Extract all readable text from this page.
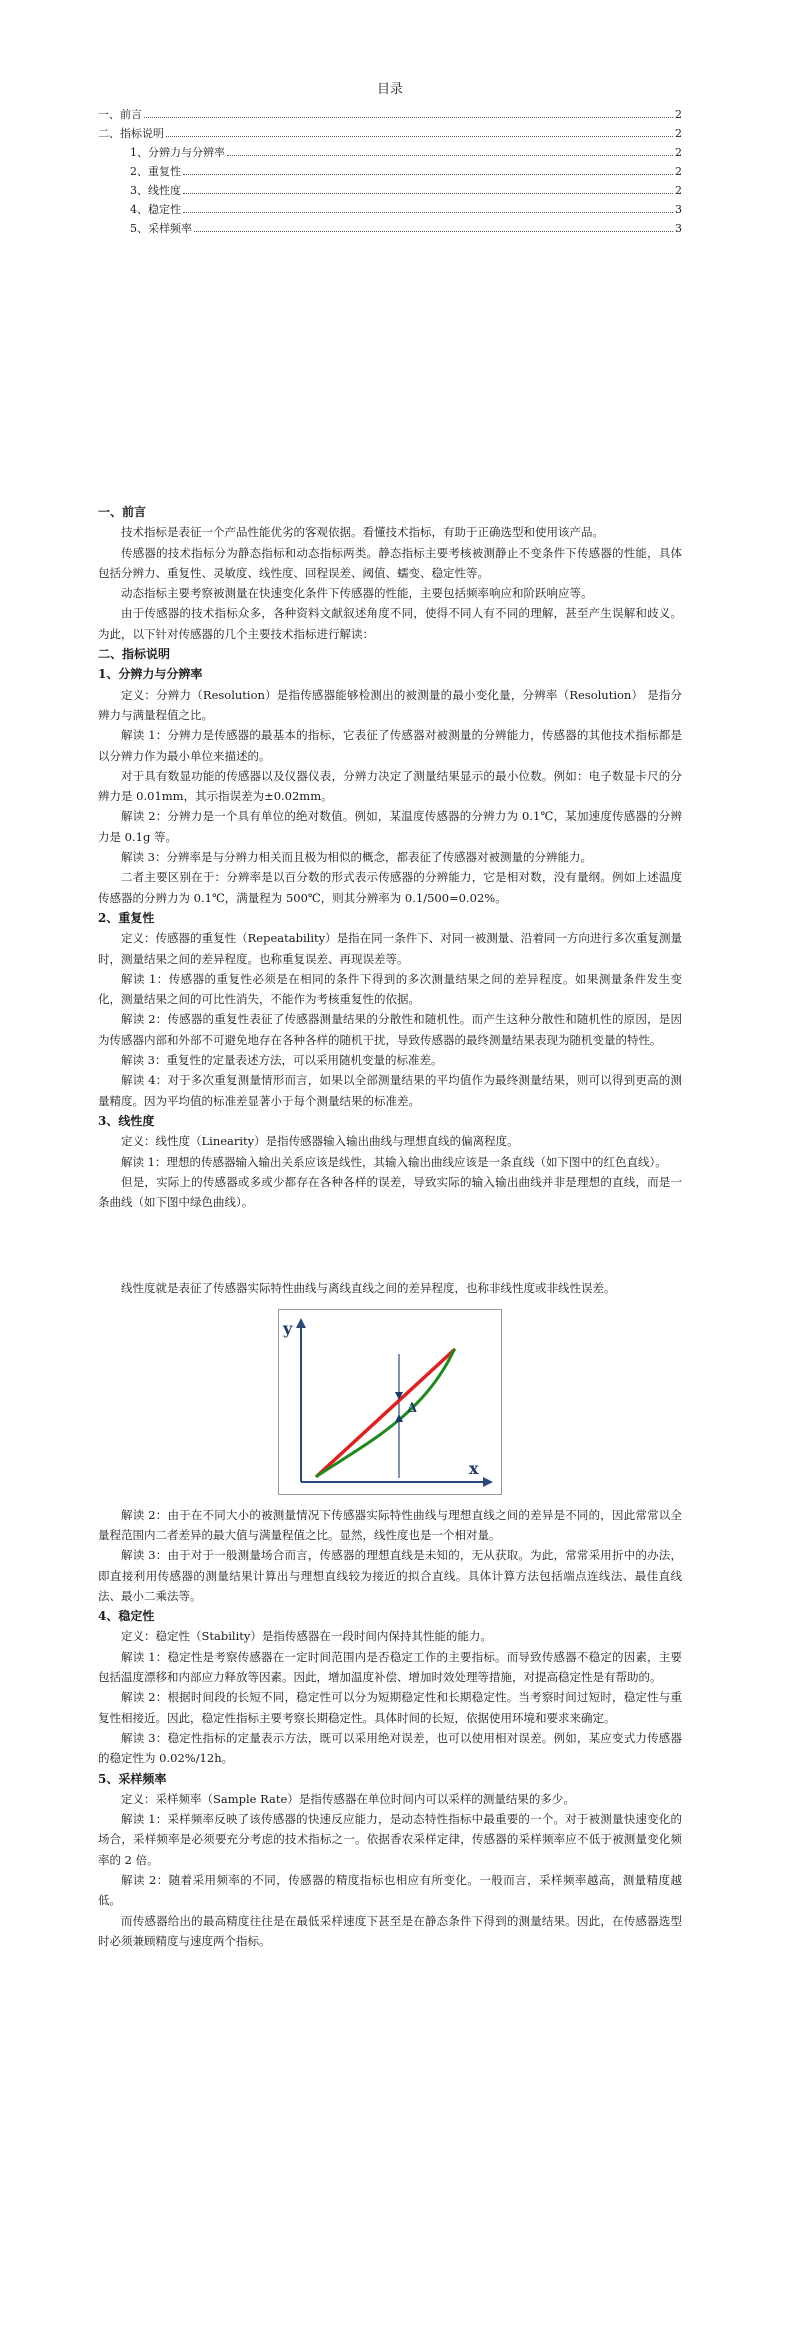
目录
一、前言	2
二、指标说明	2
1、分辨力与分辨率	2
2、重复性	2
3、线性度	2
4、稳定性	3
5、采样频率	3
一、前言

技术指标是表征一个产品性能优劣的客观依据。看懂技术指标，有助于正确选型和使用该产品。

传感器的技术指标分为静态指标和动态指标两类。静态指标主要考核被测静止不变条件下传感器的性能，具体包括分辨力、重复性、灵敏度、线性度、回程误差、阈值、蠕变、稳定性等。

动态指标主要考察被测量在快速变化条件下传感器的性能，主要包括频率响应和阶跃响应等。

由于传感器的技术指标众多，各种资料文献叙述角度不同，使得不同人有不同的理解，甚至产生误解和歧义。为此，以下针对传感器的几个主要技术指标进行解读：

二、指标说明
1、分辨力与分辨率

定义：分辨力（Resolution）是指传感器能够检测出的被测量的最小变化量，分辨率（Resolution） 是指分辨力与满量程值之比。

解读 1：分辨力是传感器的最基本的指标，它表征了传感器对被测量的分辨能力，传感器的其他技术指标都是以分辨力作为最小单位来描述的。

对于具有数显功能的传感器以及仪器仪表，分辨力决定了测量结果显示的最小位数。例如：电子数显卡尺的分辨力是 0.01mm，其示指误差为±0.02mm。

解读 2：分辨力是一个具有单位的绝对数值。例如，某温度传感器的分辨力为 0.1℃，某加速度传感器的分辨力是 0.1g 等。

解读 3：分辨率是与分辨力相关而且极为相似的概念，都表征了传感器对被测量的分辨能力。

二者主要区别在于：分辨率是以百分数的形式表示传感器的分辨能力，它是相对数，没有量纲。例如上述温度传感器的分辨力为 0.1℃，满量程为 500℃，则其分辨率为 0.1/500=0.02%。

2、重复性

定义：传感器的重复性（Repeatability）是指在同一条件下、对同一被测量、沿着同一方向进行多次重复测量时，测量结果之间的差异程度。也称重复误差、再现误差等。

解读 1：传感器的重复性必须是在相同的条件下得到的多次测量结果之间的差异程度。如果测量条件发生变化，测量结果之间的可比性消失，不能作为考核重复性的依据。

解读 2：传感器的重复性表征了传感器测量结果的分散性和随机性。而产生这种分散性和随机性的原因，是因为传感器内部和外部不可避免地存在各种各样的随机干扰，导致传感器的最终测量结果表现为随机变量的特性。

解读 3：重复性的定量表述方法，可以采用随机变量的标准差。

解读 4：对于多次重复测量情形而言，如果以全部测量结果的平均值作为最终测量结果，则可以得到更高的测量精度。因为平均值的标准差显著小于每个测量结果的标准差。

3、线性度

定义：线性度（Linearity）是指传感器输入输出曲线与理想直线的偏离程度。

解读 1：理想的传感器输入输出关系应该是线性，其输入输出曲线应该是一条直线（如下图中的红色直线）。

但是，实际上的传感器或多或少都存在各种各样的误差，导致实际的输入输出曲线并非是理想的直线，而是一条曲线（如下图中绿色曲线）。

线性度就是表征了传感器实际特性曲线与离线直线之间的差异程度，也称非线性度或非线性误差。

y
x
Δ

解读 2：由于在不同大小的被测量情况下传感器实际特性曲线与理想直线之间的差异是不同的，因此常常以全量程范围内二者差异的最大值与满量程值之比。显然，线性度也是一个相对量。

解读 3：由于对于一般测量场合而言，传感器的理想直线是未知的，无从获取。为此，常常采用折中的办法，即直接利用传感器的测量结果计算出与理想直线较为接近的拟合直线。具体计算方法包括端点连线法、最佳直线法、最小二乘法等。

4、稳定性

定义：稳定性（Stability）是指传感器在一段时间内保持其性能的能力。

解读 1：稳定性是考察传感器在一定时间范围内是否稳定工作的主要指标。而导致传感器不稳定的因素，主要包括温度漂移和内部应力释放等因素。因此，增加温度补偿、增加时效处理等措施，对提高稳定性是有帮助的。

解读 2：根据时间段的长短不同，稳定性可以分为短期稳定性和长期稳定性。当考察时间过短时，稳定性与重复性相接近。因此，稳定性指标主要考察长期稳定性。具体时间的长短，依据使用环境和要求来确定。

解读 3：稳定性指标的定量表示方法，既可以采用绝对误差，也可以使用相对误差。例如，某应变式力传感器的稳定性为 0.02%/12h。

5、采样频率

定义：采样频率（Sample Rate）是指传感器在单位时间内可以采样的测量结果的多少。

解读 1：采样频率反映了该传感器的快速反应能力，是动态特性指标中最重要的一个。对于被测量快速变化的场合，采样频率是必须要充分考虑的技术指标之一。依据香农采样定律，传感器的采样频率应不低于被测量变化频率的 2 倍。

解读 2：随着采用频率的不同，传感器的精度指标也相应有所变化。一般而言，采样频率越高，测量精度越低。

而传感器给出的最高精度往往是在最低采样速度下甚至是在静态条件下得到的测量结果。因此，在传感器选型时必须兼顾精度与速度两个指标。
